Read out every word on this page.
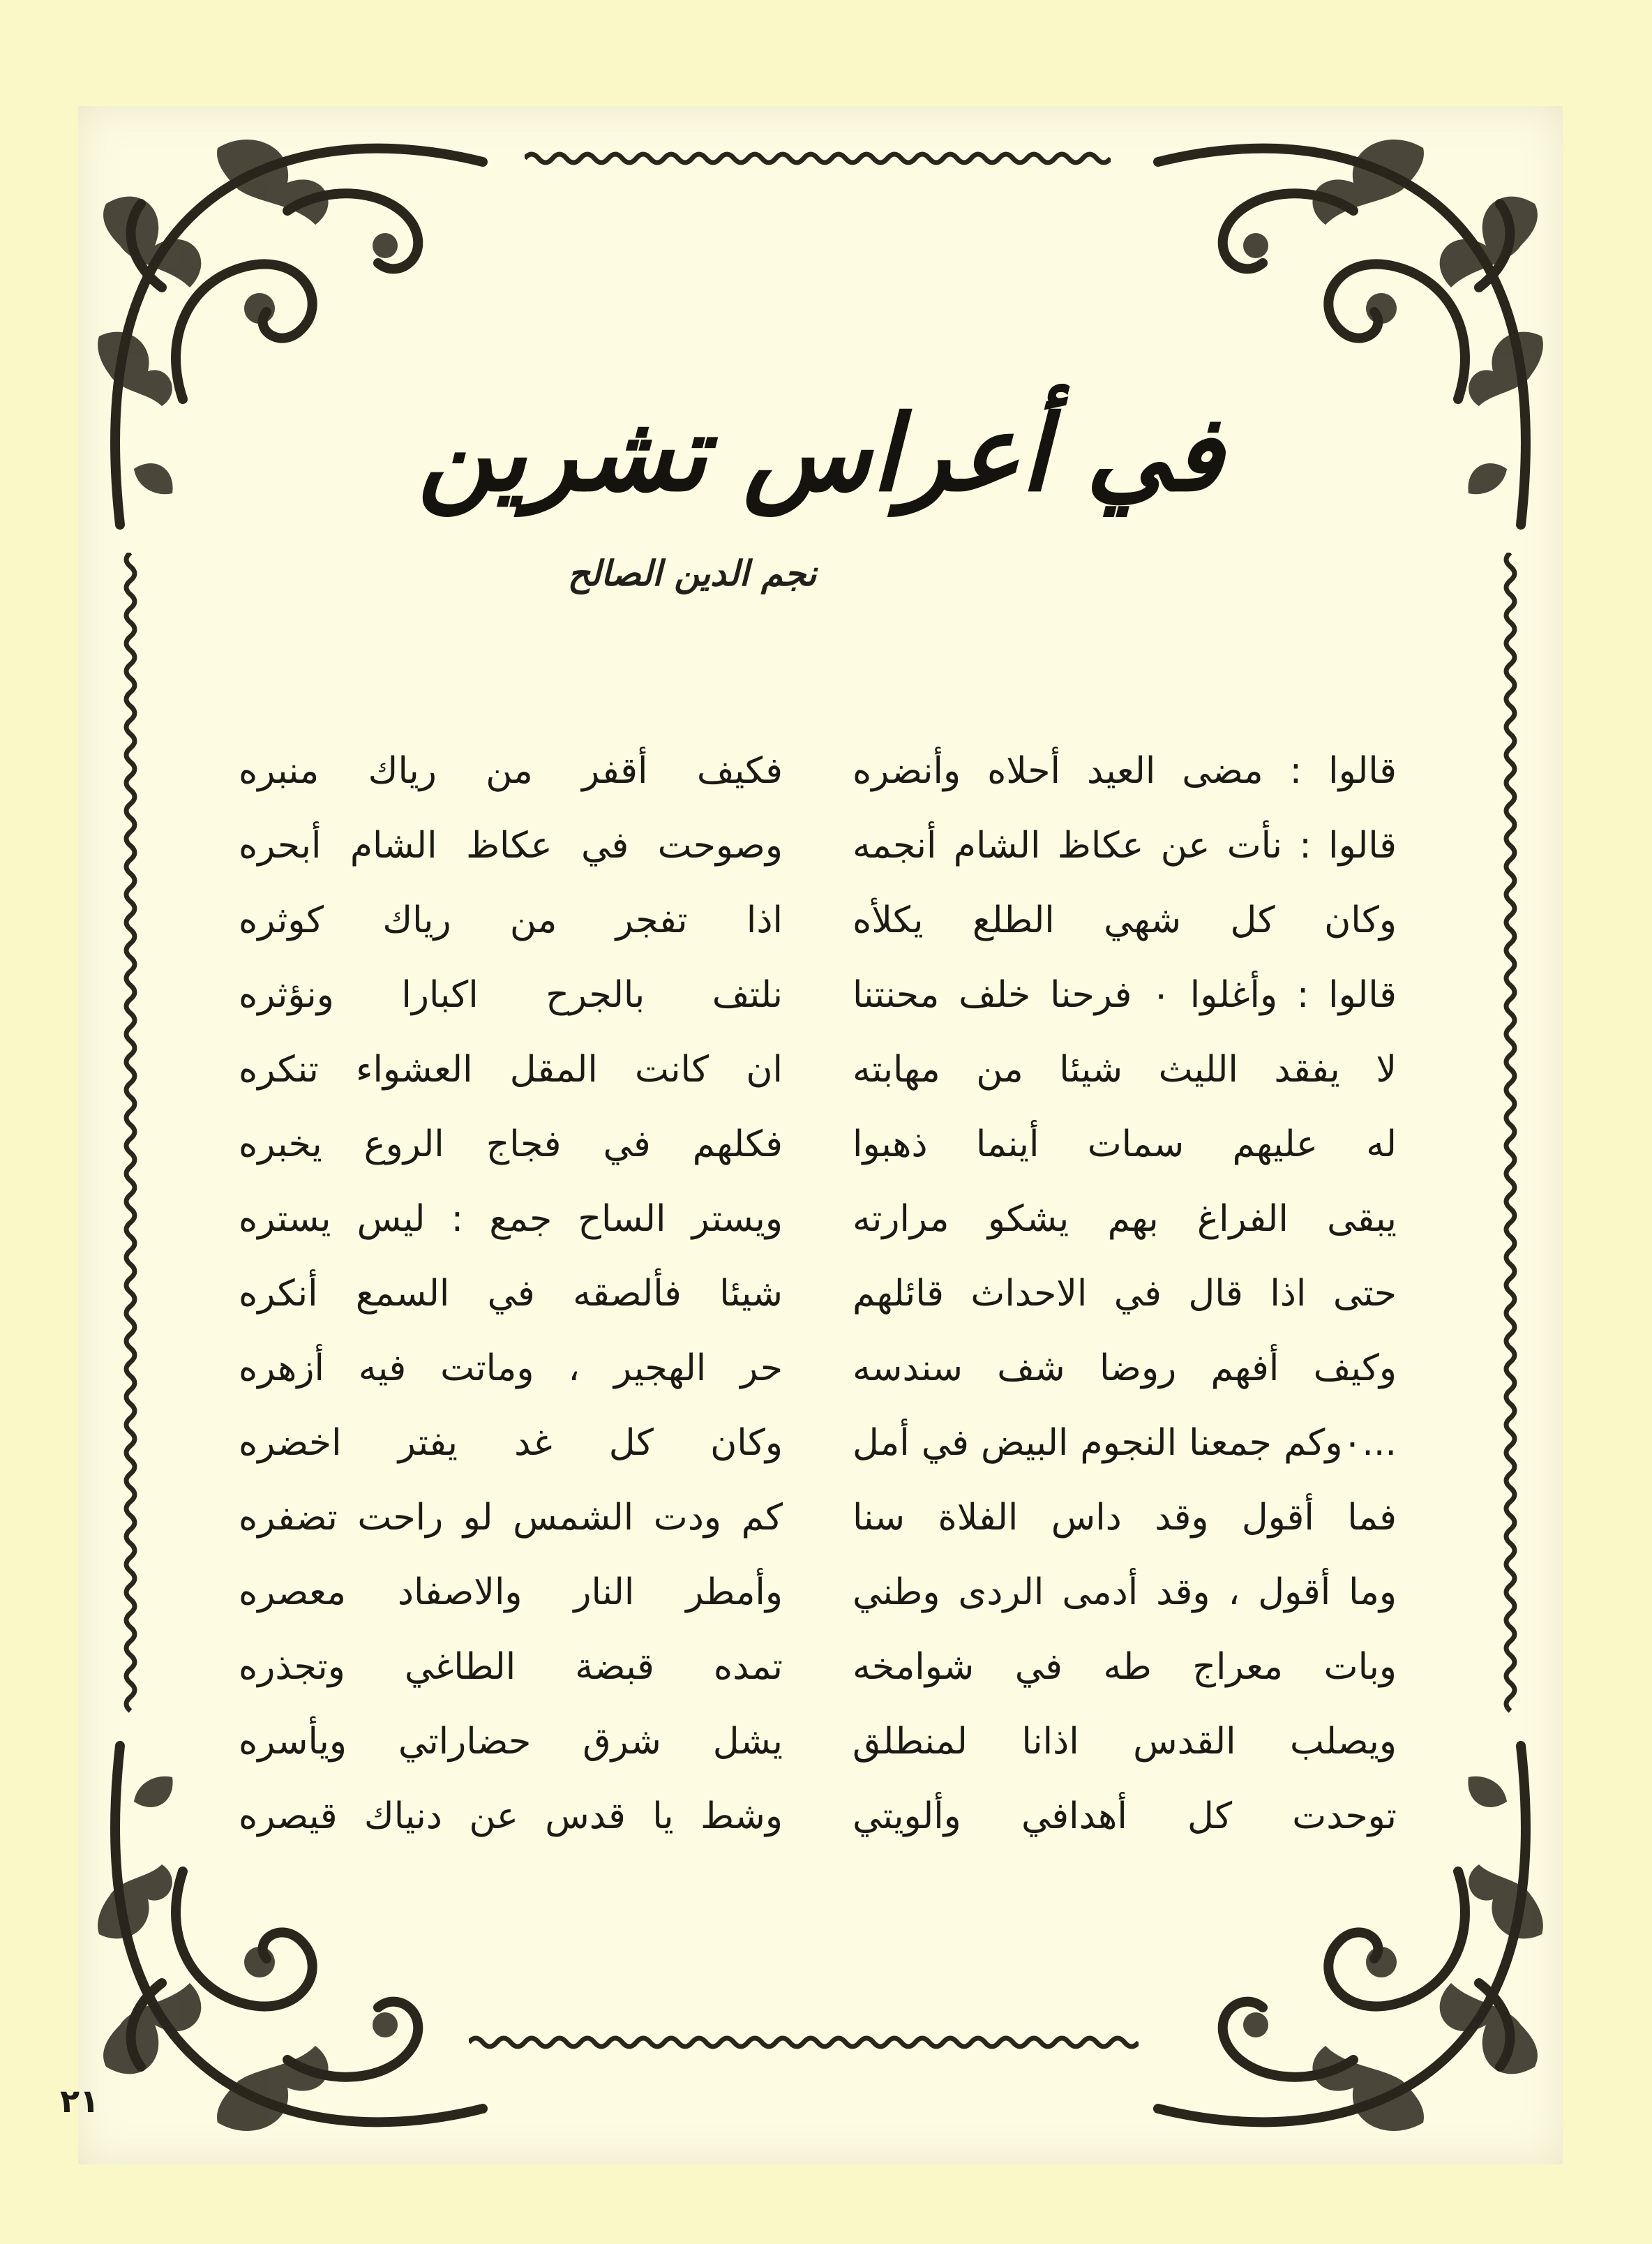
في أعراس تشرين
نجم الدين الصالح
قالوا : مضى العيد أحلاه وأنضره
قالوا : نأت عن عكاظ الشام أنجمه
وكان كل شهي الطلع يكلأه
قالوا : وأغلوا ٠ فرحنا خلف محنتنا
لا يفقد الليث شيئا من مهابته
له عليهم سمات أينما ذهبوا
يبقى الفراغ بهم يشكو مرارته
حتى اذا قال في الاحداث قائلهم
وكيف أفهم روضا شف سندسه
...٠وكم جمعنا النجوم البيض في أمل
فما أقول وقد داس الفلاة سنا
وما أقول ، وقد أدمى الردى وطني
وبات معراج طه في شوامخه
ويصلب القدس اذانا لمنطلق
توحدت كل أهدافي وألويتي
فكيف أقفر من رياك منبره
وصوحت في عكاظ الشام أبحره
اذا تفجر من رياك كوثره
نلتف بالجرح اكبارا ونؤثره
ان كانت المقل العشواء تنكره
فكلهم في فجاج الروع يخبره
ويستر الساح جمع : ليس يستره
شيئا فألصقه في السمع أنكره
حر الهجير ، وماتت فيه أزهره
وكان كل غد يفتر اخضره
كم ودت الشمس لو راحت تضفره
وأمطر النار والاصفاد معصره
تمده قبضة الطاغي وتجذره
يشل شرق حضاراتي ويأسره
وشط يا قدس عن دنياك قيصره
٢١
